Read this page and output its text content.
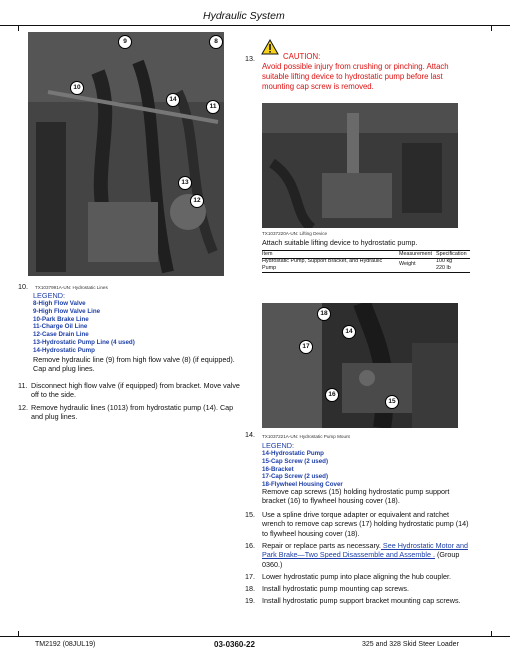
Hydraulic System
9	8
10
14
11
13
12
TX1037991A-UN: Hydrostatic Lines
10.
LEGEND:
8-High Flow Valve
9-High Flow Valve Line
10-Park Brake Line
11-Charge Oil Line
12-Case Drain Line
13-Hydrostatic Pump Line (4 used)
14-Hydrostatic Pump
Remove hydraulic line (9) from high flow valve (8) (if equipped). Cap and plug lines.
11. Disconnect high flow valve (if equipped) from bracket. Move valve off to the side.
12. Remove hydraulic lines (1013) from hydrostatic pump (14). Cap and plug lines.
13.	CAUTION:
Avoid possible injury from crushing or pinching. Attach suitable lifting device to hydrostatic pump before last mounting cap screw is removed.
TX1037220A-UN: Lifting Device
Attach suitable lifting device to hydrostatic pump.
Item	Measurement Specification
Hydrostatic Pump, Support Bracket, and Hydraulic Pump
Weight	100 kg
220 lb
14
18
17
16
15
14. TX1037221A-UN: Hydrostatic Pump Mount
LEGEND:
14-Hydrostatic Pump
15-Cap Screw (2 used)
16-Bracket
17-Cap Screw (2 used)
18-Flywheel Housing Cover
Remove cap screws (15) holding hydrostatic pump support bracket (16) to flywheel housing cover (18).
15. Use a spline drive torque adapter or equivalent and ratchet wrench to remove cap screws (17) holding hydrostatic pump (14) to flywheel housing cover (18).
16. Repair or replace parts as necessary. See Hydrostatic Motor and Park Brake—Two Speed Disassemble and Assemble . (Group 0360.)
17. Lower hydrostatic pump into place aligning the hub coupler.
18. Install hydrostatic pump mounting cap screws.
19. Install hydrostatic pump support bracket mounting cap screws.
TM2192 (08JUL19)	03-0360-22	325 and 328 Skid Steer Loader
